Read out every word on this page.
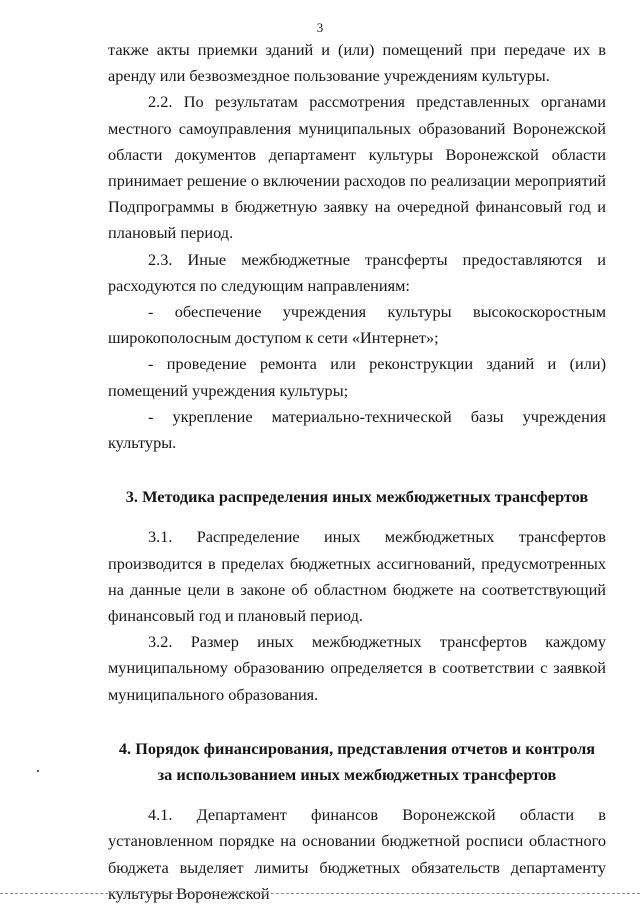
3

также акты приемки зданий и (или) помещений при передаче их в аренду или безвозмездное пользование учреждениям культуры.

2.2. По результатам рассмотрения представленных органами местного самоуправления муниципальных образований Воронежской области документов департамент культуры Воронежской области принимает решение о включении расходов по реализации мероприятий Подпрограммы в бюджетную заявку на очередной финансовый год и плановый период.

2.3. Иные межбюджетные трансферты предоставляются и расходуются по следующим направлениям:

- обеспечение учреждения культуры высокоскоростным широкополосным доступом к сети «Интернет»;

- проведение ремонта или реконструкции зданий и (или) помещений учреждения культуры;

- укрепление материально-технической базы учреждения культуры.

3. Методика распределения иных межбюджетных трансфертов

3.1. Распределение иных межбюджетных трансфертов производится в пределах бюджетных ассигнований, предусмотренных на данные цели в законе об областном бюджете на соответствующий финансовый год и плановый период.

3.2. Размер иных межбюджетных трансфертов каждому муниципальному образованию определяется в соответствии с заявкой муниципального образования.

4. Порядок финансирования, представления отчетов и контроля
за использованием иных межбюджетных трансфертов

4.1. Департамент финансов Воронежской области в установленном порядке на основании бюджетной росписи областного бюджета выделяет лимиты бюджетных обязательств департаменту культуры Воронежской
